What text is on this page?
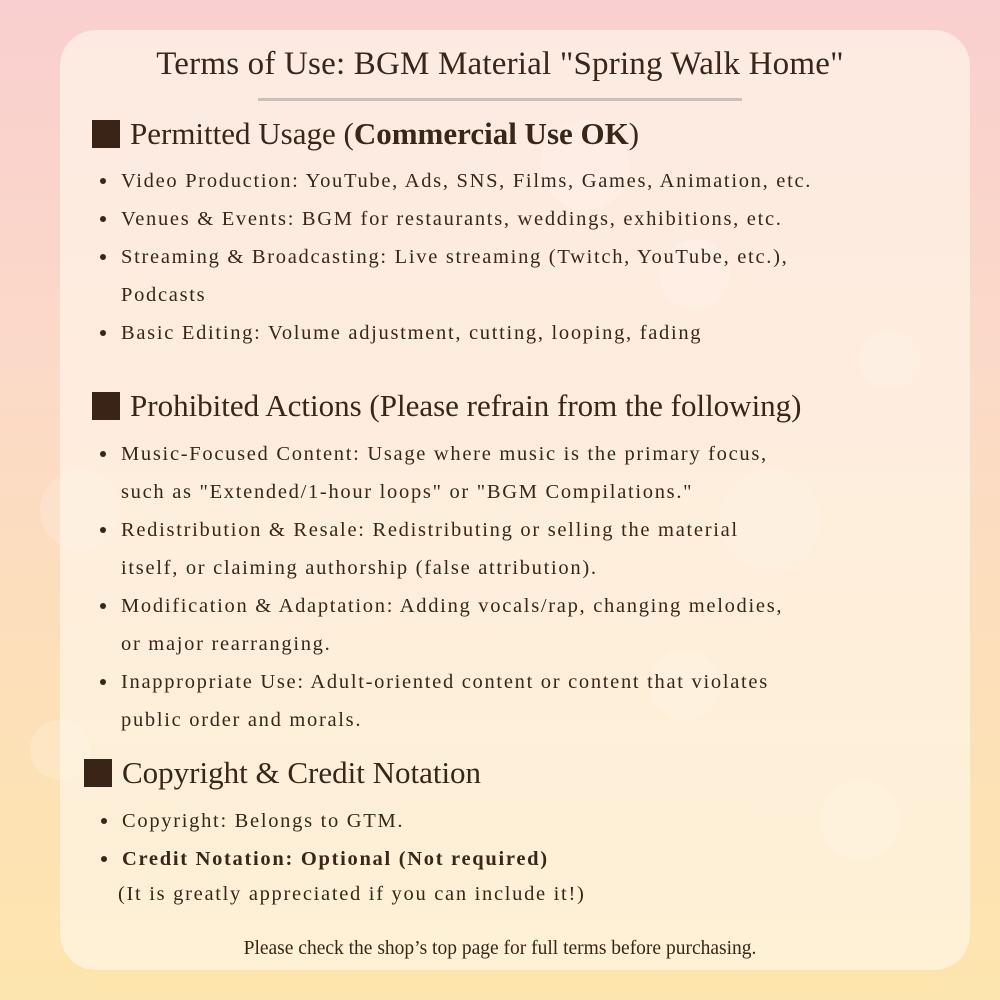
Terms of Use: BGM Material "Spring Walk Home"
Permitted Usage ( Commercial Use OK )
Video Production: YouTube, Ads, SNS, Films, Games, Animation, etc.
Venues & Events: BGM for restaurants, weddings, exhibitions, etc.
Streaming & Broadcasting: Live streaming (Twitch, YouTube, etc.),
Podcasts
Basic Editing: Volume adjustment, cutting, looping, fading
Prohibited Actions (Please refrain from the following)
Music-Focused Content: Usage where music is the primary focus,
such as "Extended/1-hour loops" or "BGM Compilations."
Redistribution & Resale: Redistributing or selling the material
itself, or claiming authorship (false attribution).
Modification & Adaptation: Adding vocals/rap, changing melodies,
or major rearranging.
Inappropriate Use: Adult-oriented content or content that violates
public order and morals.
Copyright & Credit Notation
Copyright: Belongs to GTM.
Credit Notation: Optional (Not required)
(It is greatly appreciated if you can include it!)
Please check the shop’s top page for full terms before purchasing.
